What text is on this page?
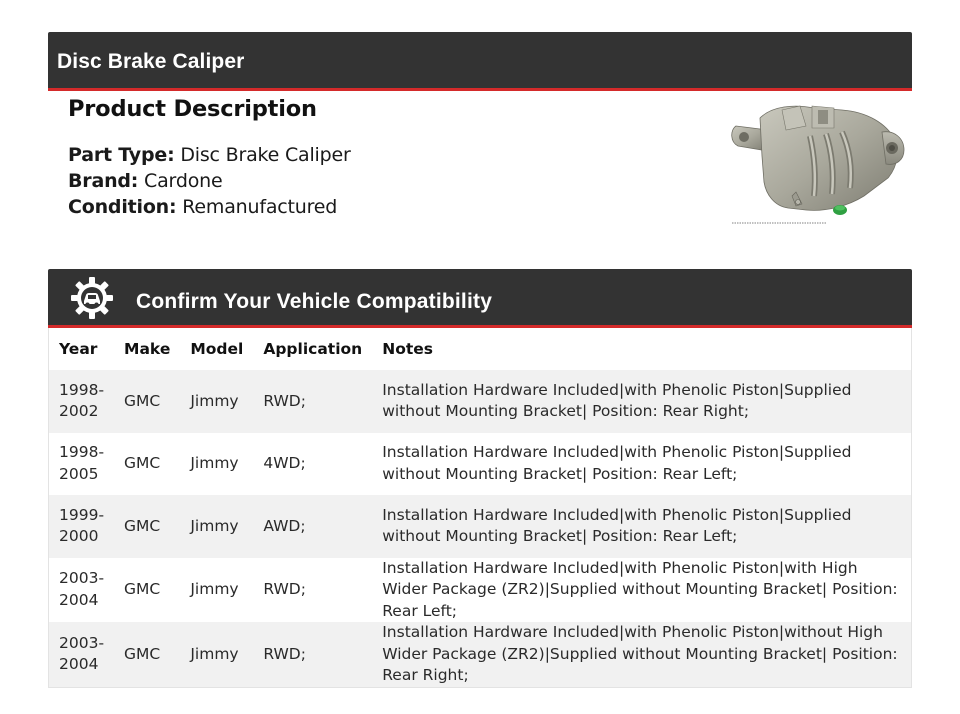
Disc Brake Caliper
Product Description
Part Type: Disc Brake Caliper
Brand: Cardone
Condition: Remanufactured
Confirm Your Vehicle Compatibility
Year	Make	Model	Application	Notes
1998-2002	GMC	Jimmy	RWD;	Installation Hardware Included|with Phenolic Piston|Supplied without Mounting Bracket| Position: Rear Right;
1998-2005	GMC	Jimmy	4WD;	Installation Hardware Included|with Phenolic Piston|Supplied without Mounting Bracket| Position: Rear Left;
1999-2000	GMC	Jimmy	AWD;	Installation Hardware Included|with Phenolic Piston|Supplied without Mounting Bracket| Position: Rear Left;
2003-2004	GMC	Jimmy	RWD;	Installation Hardware Included|with Phenolic Piston|with High Wider Package (ZR2)|Supplied without Mounting Bracket| Position: Rear Left;
2003-2004	GMC	Jimmy	RWD;	Installation Hardware Included|with Phenolic Piston|without High Wider Package (ZR2)|Supplied without Mounting Bracket| Position: Rear Right;
